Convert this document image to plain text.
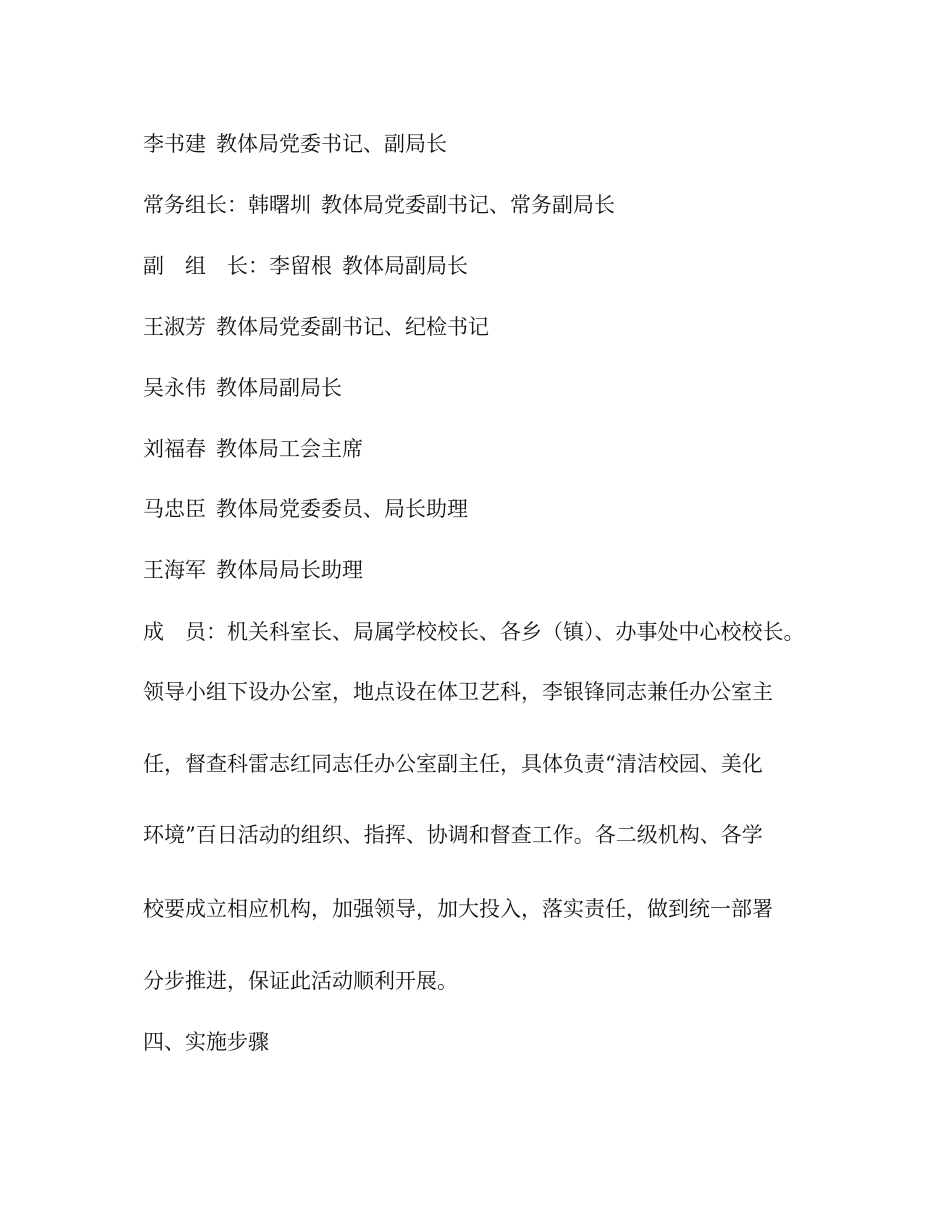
李书建 教体局党委书记、副局长
常务组长：韩曙圳 教体局党委副书记、常务副局长
副　组　长：李留根 教体局副局长
王淑芳 教体局党委副书记、纪检书记
吴永伟 教体局副局长
刘福春 教体局工会主席
马忠臣 教体局党委委员、局长助理
王海军 教体局局长助理
成　员：机关科室长、局属学校校长、各乡（镇）、办事处中心校校长。
领导小组下设办公室，地点设在体卫艺科，李银锋同志兼任办公室主
任，督查科雷志红同志任办公室副主任，具体负责“清洁校园、美化
环境”百日活动的组织、指挥、协调和督查工作。各二级机构、各学
校要成立相应机构，加强领导，加大投入，落实责任，做到统一部署
分步推进，保证此活动顺利开展。
四、实施步骤
